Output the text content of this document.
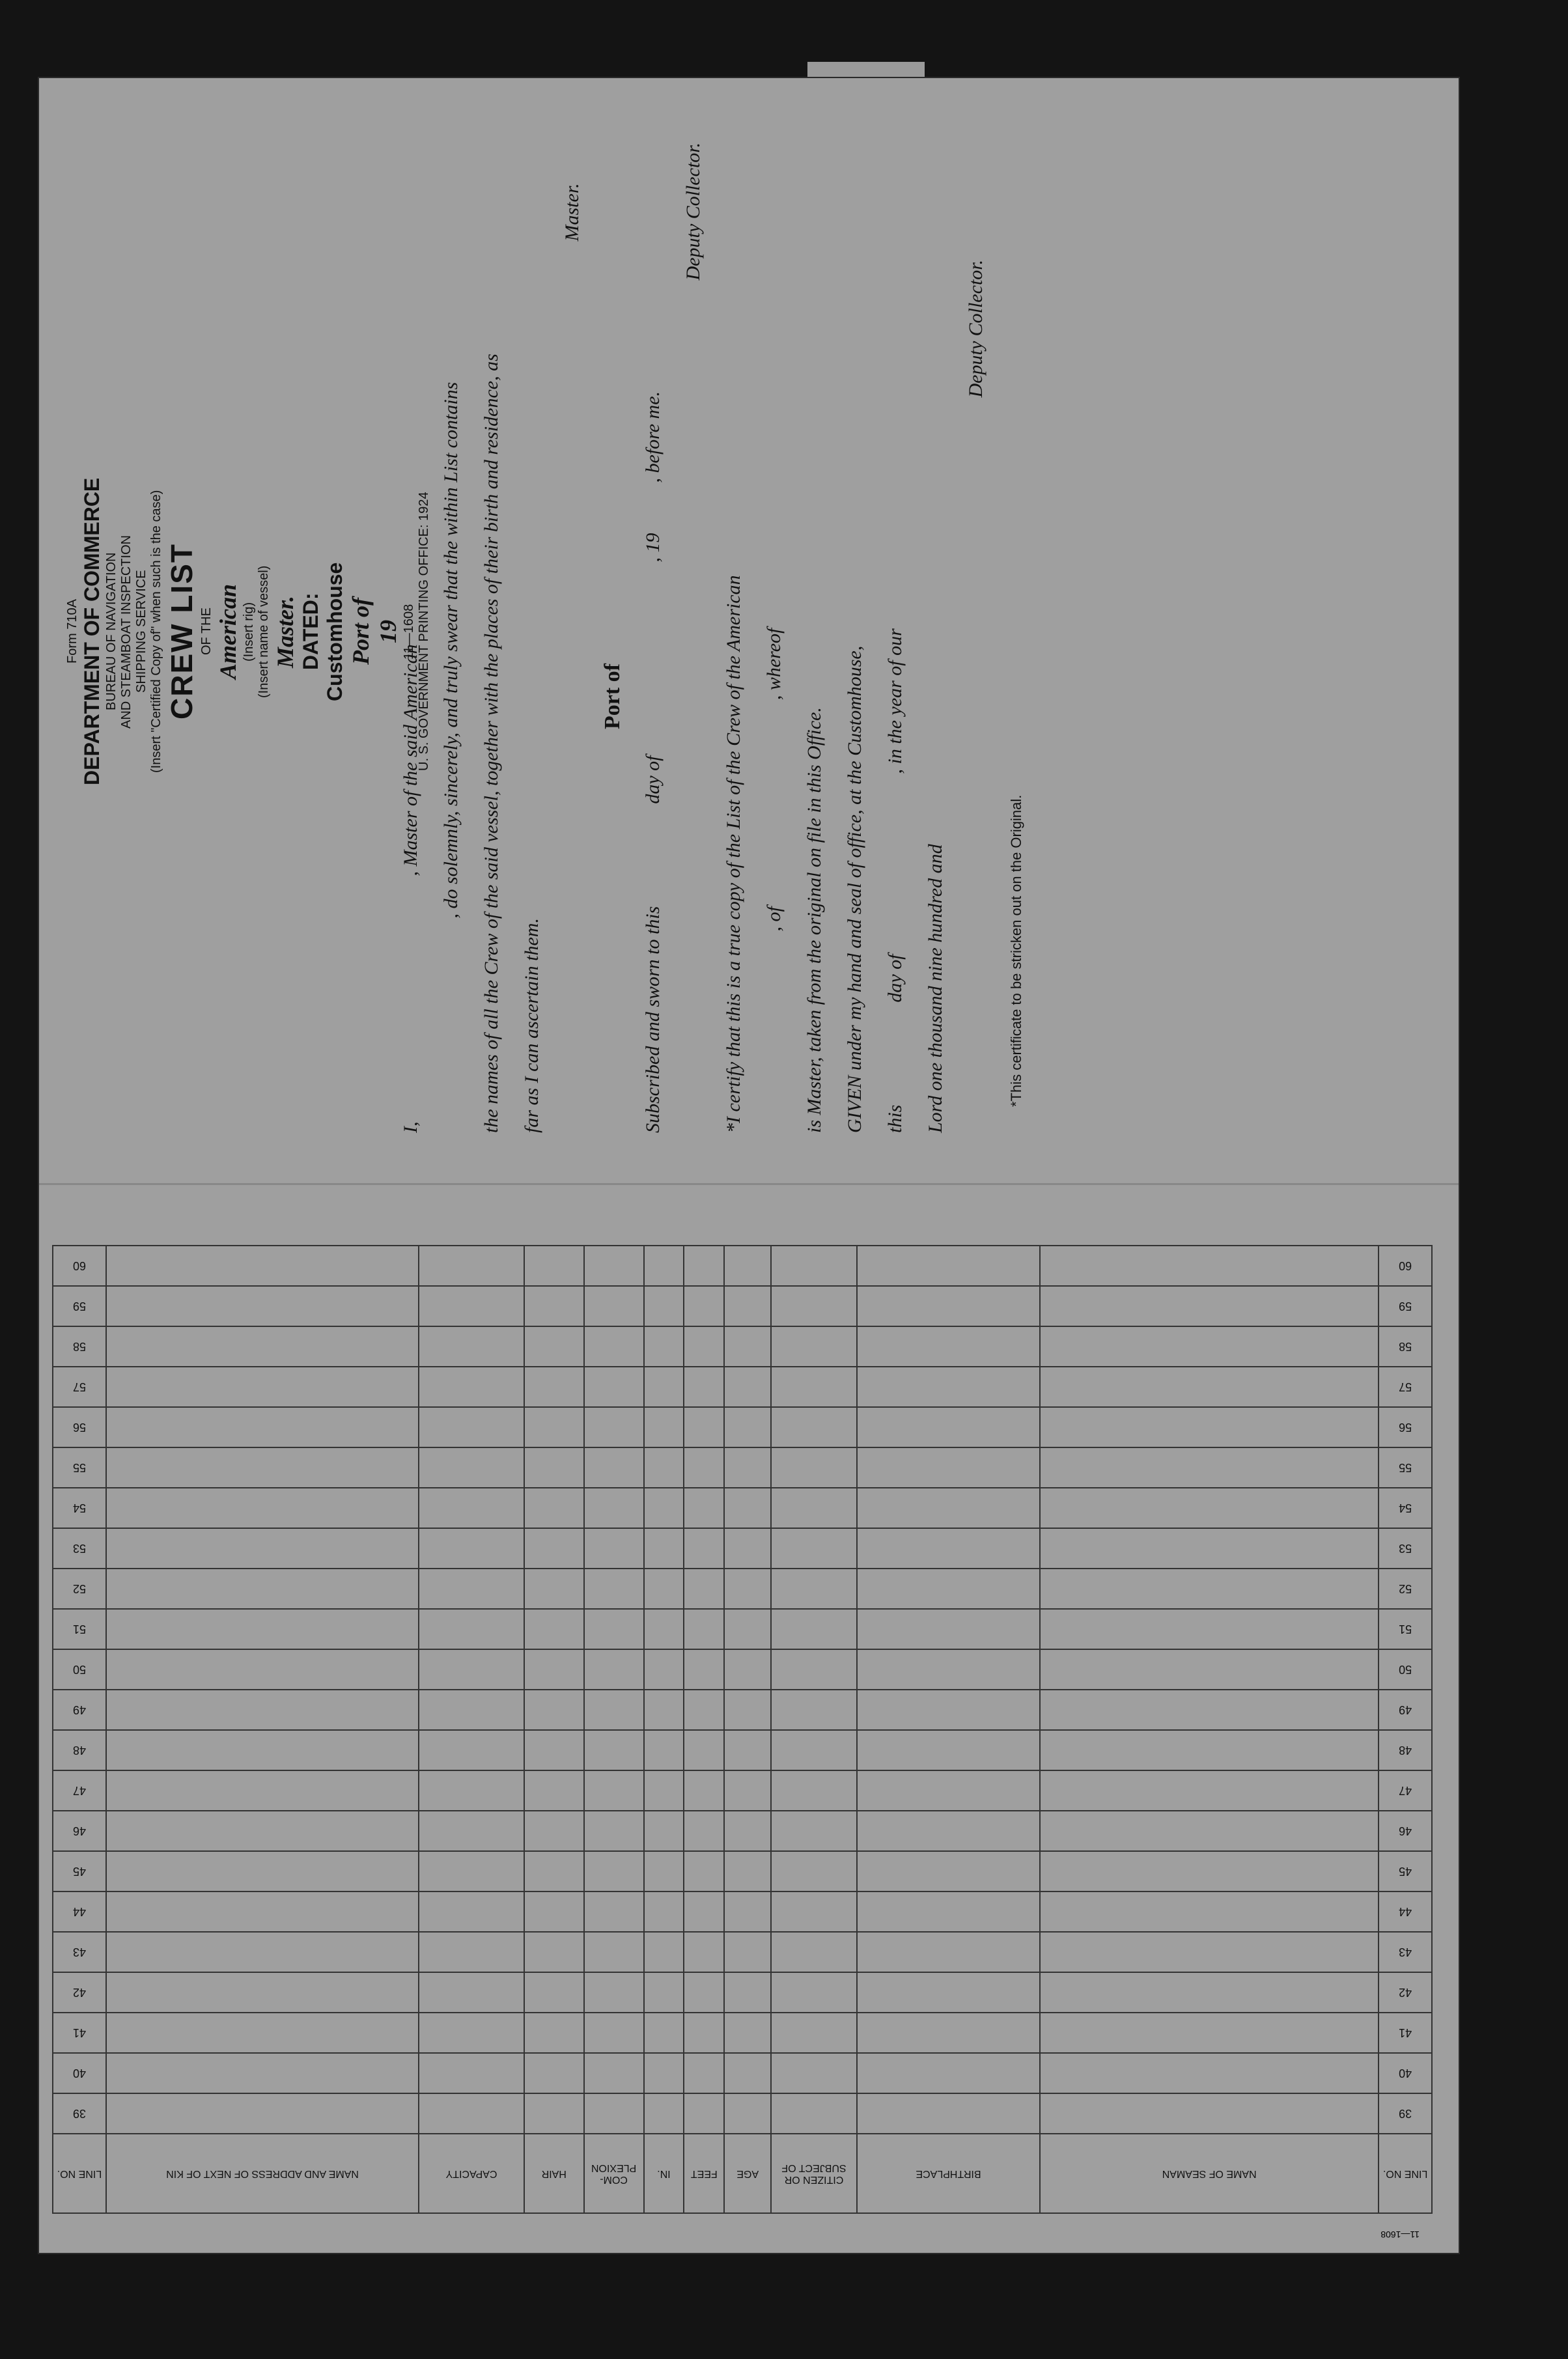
I,  , Master of the said American , do solemnly, sincerely, and truly swear that the within List contains the names of all the Crew of the said vessel, together with the places of their birth and residence, as far as I can ascertain them.
Master.
Port of
Subscribed and sworn to this  day of  , 19  , before me.
Deputy Collector.
*I certify that this is a true copy of the List of the Crew of the American , of  , whereof
is Master, taken from the original on file in this Office. GIVEN under my hand and seal of office, at the Customhouse, this  day of  , in the year of our
Lord one thousand nine hundred and
Deputy Collector.
*This certificate to be stricken out on the Original.
Form 710A DEPARTMENT OF COMMERCE BUREAU OF NAVIGATION AND STEAMBOAT INSPECTION SHIPPING SERVICE (Insert "Certified Copy of" when such is the case) CREW LIST OF THE American (Insert rig) (Insert name of vessel) Master. DATED: Customhouse Port of 19 11—1608 U. S. GOVERNMENT PRINTING OFFICE: 1924
11—1608
LINE NO.	NAME OF SEAMAN	BIRTHPLACE	CITIZEN OR SUBJECT OF	AGE	FEET	IN.	COM-PLEXION	HAIR	CAPACITY	NAME AND ADDRESS OF NEXT OF KIN	LINE NO.
39											39
40											40
41											41
42											42
43											43
44											44
45											45
46											46
47											47
48											48
49											49
50											50
51											51
52											52
53											53
54											54
55											55
56											56
57											57
58											58
59											59
60											60
